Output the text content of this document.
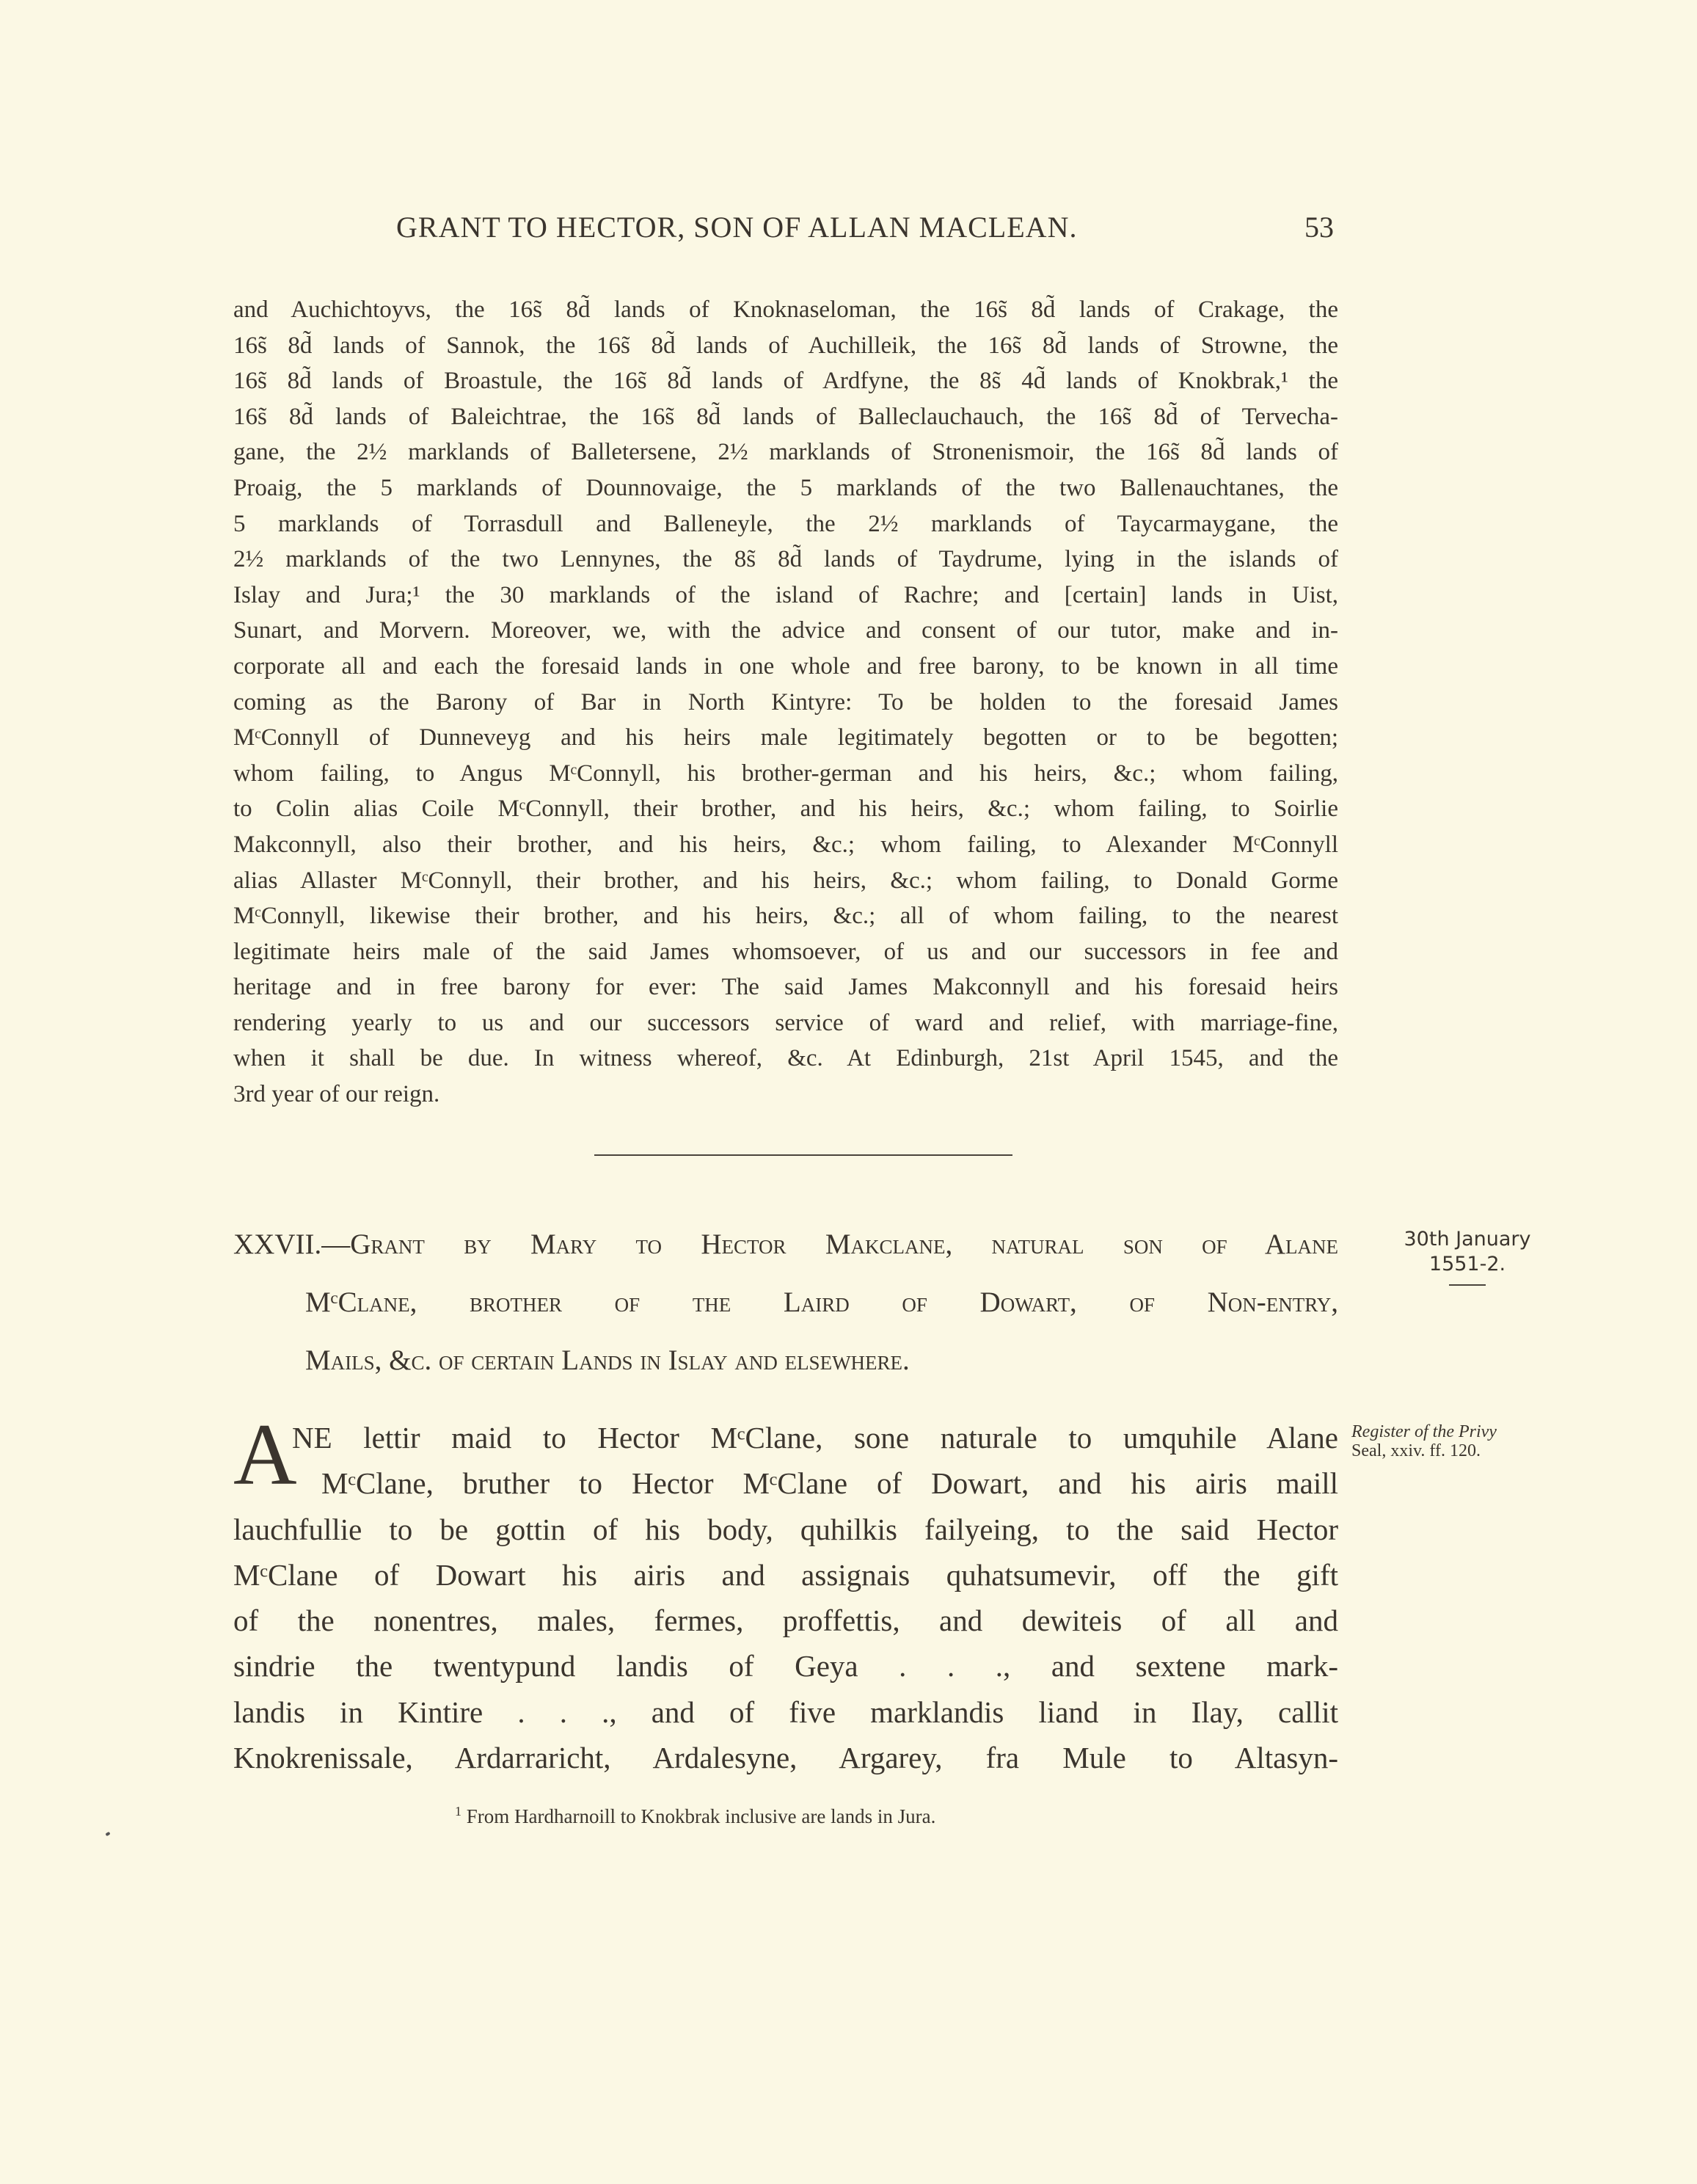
GRANT TO HECTOR, SON OF ALLAN MACLEAN.	53
and Auchichtoyvs, the 16s̃ 8d̃ lands of Knoknaseloman, the 16s̃ 8d̃ lands of Crakage, the
16s̃ 8d̃ lands of Sannok, the 16s̃ 8d̃ lands of Auchilleik, the 16s̃ 8d̃ lands of Strowne, the
16s̃ 8d̃ lands of Broastule, the 16s̃ 8d̃ lands of Ardfyne, the 8s̃ 4d̃ lands of Knokbrak,¹ the
16s̃ 8d̃ lands of Baleichtrae, the 16s̃ 8d̃ lands of Balleclauchauch, the 16s̃ 8d̃ of Tervecha-
gane, the 2½ marklands of Balletersene, 2½ marklands of Stronenismoir, the 16s̃ 8d̃ lands of
Proaig, the 5 marklands of Dounnovaige, the 5 marklands of the two Ballenauchtanes, the
5 marklands of Torrasdull and Balleneyle, the 2½ marklands of Taycarmaygane, the
2½ marklands of the two Lennynes, the 8s̃ 8d̃ lands of Taydrume, lying in the islands of
Islay and Jura;¹ the 30 marklands of the island of Rachre; and [certain] lands in Uist,
Sunart, and Morvern. Moreover, we, with the advice and consent of our tutor, make and in-
corporate all and each the foresaid lands in one whole and free barony, to be known in all time
coming as the Barony of Bar in North Kintyre: To be holden to the foresaid James
MᶜConnyll of Dunneveyg and his heirs male legitimately begotten or to be begotten;
whom failing, to Angus MᶜConnyll, his brother-german and his heirs, &c.; whom failing,
to Colin alias Coile MᶜConnyll, their brother, and his heirs, &c.; whom failing, to Soirlie
Makconnyll, also their brother, and his heirs, &c.; whom failing, to Alexander MᶜConnyll
alias Allaster MᶜConnyll, their brother, and his heirs, &c.; whom failing, to Donald Gorme
MᶜConnyll, likewise their brother, and his heirs, &c.; all of whom failing, to the nearest
legitimate heirs male of the said James whomsoever, of us and our successors in fee and
heritage and in free barony for ever: The said James Makconnyll and his foresaid heirs
rendering yearly to us and our successors service of ward and relief, with marriage-fine,
when it shall be due. In witness whereof, &c. At Edinburgh, 21st April 1545, and the
3rd year of our reign.
XXVII.—Grant by Mary to Hector Makclane, natural son of Alane
MᶜClane, brother of the Laird of Dowart, of Non-entry,
Mails, &c. of certain Lands in Islay and elsewhere.
30th January
1551-2.
A
NE lettir maid to Hector MᶜClane, sone naturale to umquhile Alane
MᶜClane, bruther to Hector MᶜClane of Dowart, and his airis maill
lauchfullie to be gottin of his body, quhilkis failyeing, to the said Hector
MᶜClane of Dowart his airis and assignais quhatsumevir, off the gift
of the nonentres, males, fermes, proffettis, and dewiteis of all and
sindrie the twentypund landis of Geya . . ., and sextene mark-
landis in Kintire . . ., and of five marklandis liand in Ilay, callit
Knokrenissale, Ardarraricht, Ardalesyne, Argarey, fra Mule to Altasyn-
Register of the Privy
Seal, xxiv. ff. 120.
$^1$ From Hardharnoill to Knokbrak inclusive are lands in Jura.
